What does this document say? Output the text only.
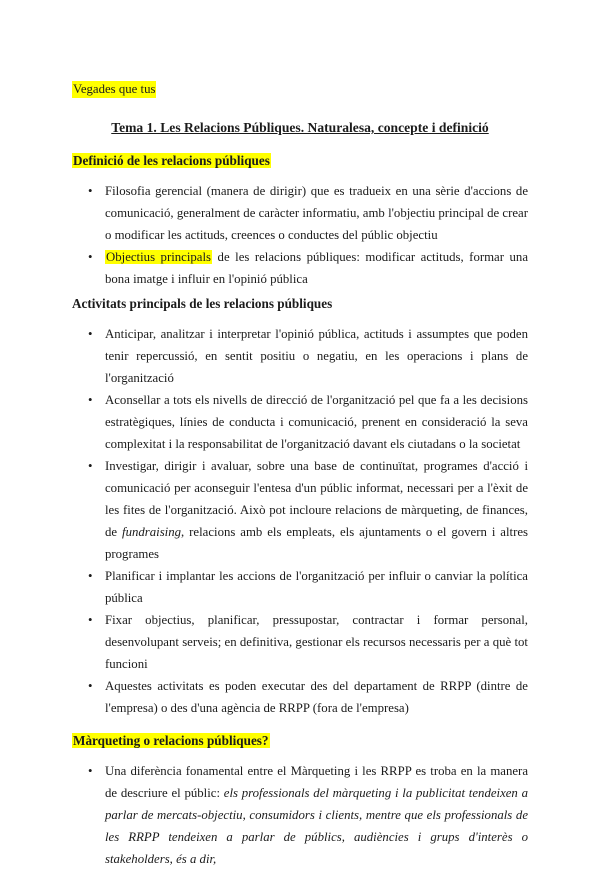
Vegades que tus
Tema 1. Les Relacions Públiques. Naturalesa, concepte i definició
Definició de les relacions públiques
• Filosofia gerencial (manera de dirigir) que es tradueix en una sèrie d'accions de comunicació, generalment de caràcter informatiu, amb l'objectiu principal de crear o modificar les actituds, creences o conductes del públic objectiu
•	Objectius principals de les relacions públiques: modificar actituds, formar una bona imatge i influir en l'opinió pública
Activitats principals de les relacions públiques
• Anticipar, analitzar i interpretar l'opinió pública, actituds i assumptes que poden tenir repercussió, en sentit positiu o negatiu, en les operacions i plans de l'organització
• Aconsellar a tots els nivells de direcció de l'organització pel que fa a les decisions estratègiques, línies de conducta i comunicació, prenent en consideració la seva complexitat i la responsabilitat de l'organització davant els ciutadans o la societat
• Investigar, dirigir i avaluar, sobre una base de continuïtat, programes d'acció i comunicació per aconseguir l'entesa d'un públic informat, necessari per a l'èxit de les fites de l'organització. Això pot incloure relacions de màrqueting, de finances, de fundraising, relacions amb els empleats, els ajuntaments o el govern i altres programes
• Planificar i implantar les accions de l'organització per influir o canviar la política pública
• Fixar objectius, planificar, pressupostar, contractar i formar personal, desenvolupant serveis; en definitiva, gestionar els recursos necessaris per a què tot funcioni
• Aquestes activitats es poden executar des del departament de RRPP (dintre de l'empresa) o des d'una agència de RRPP (fora de l'empresa)
Màrqueting o relacions públiques?
• Una diferència fonamental entre el Màrqueting i les RRPP es troba en la manera de descriure el públic: els professionals del màrqueting i la publicitat tendeixen a parlar de mercats-objectiu, consumidors i clients, mentre que els professionals de les RRPP tendeixen a parlar de públics, audiències i grups d'interès o stakeholders, és a dir,
